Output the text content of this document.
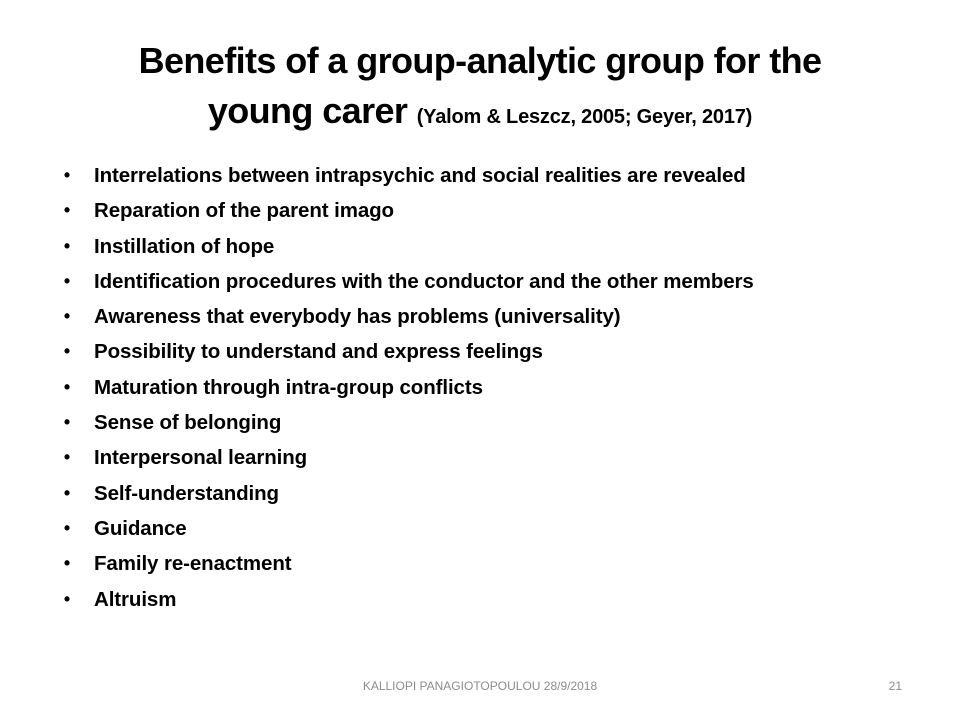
Benefits of a group-analytic group for the
young carer (Yalom & Leszcz, 2005; Geyer, 2017)
• Interrelations between intrapsychic and social realities are revealed
• Reparation of the parent imago
• Instillation of hope
• Identification procedures with the conductor and the other members
• Awareness that everybody has problems (universality)
• Possibility to understand and express feelings
• Maturation through intra-group conflicts
• Sense of belonging
• Interpersonal learning
• Self-understanding
• Guidance
• Family re-enactment
• Altruism
KALLIOPI PANAGIOTOPOULOU 28/9/2018	21
